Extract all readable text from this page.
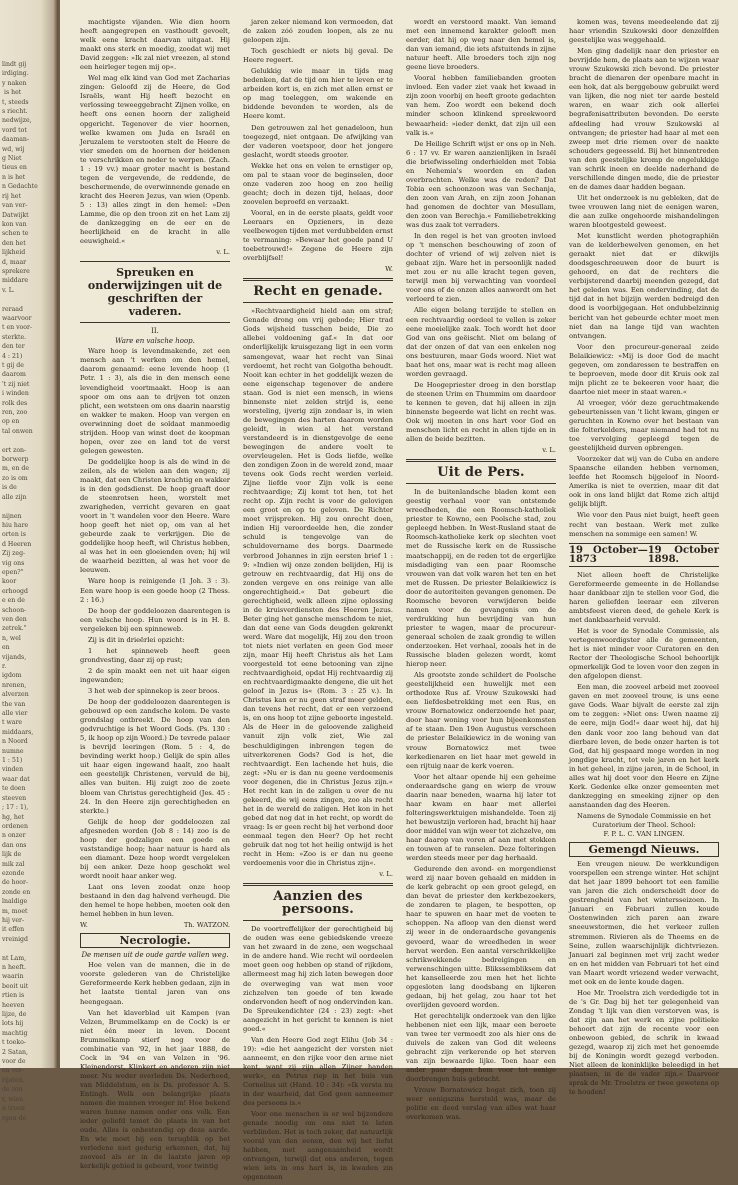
lindt gij
irdiging.
y naken
is het
t, steeds
s riecht.
nedwijze,
vord tot
daaman-
wd, wij
g Niet
tieus en
n is het
n Gedachte
rij het
van ver-
Datwijkt
kon van
schen te
den het
lijkheid
d, maar
sprekere
middare
v. L.

reraad
waarvoor
t en voor-
sterkte.
den ter
4 : 21)
t gij de
daarom
't zij niet
i winden
rolk des
ren, zoo
op en
tal onwen

ert zon-
borwerp
m, en de
zo is om
is de
alle zijn

nijnen
hiu hare
orten is
d Heeren
Zij zeg-
vig ons
epen?"
koor
erhoogd
e en de
schoon-
ven den
zetrek."
n, wel
en
vijands,
r.
igdom
nrenen,
alverzen
the van
alle vier
t ware
middaars,
n Noord
numne
1 : 51)
vinden
waar dat
te doen
steeven
; 17 : 1),
hg, het
ordenen
n onzer
dan ons
lijk de
mik zal
ezonde
de hoor-
zonde en
lnaldige
m, moet
hij ver-
it effen
vreinigd

nt Lam,
n heeft.
waarin
beoit uit
rtien is
heeven
lijze, de
lots hij
machtig
t toeko-
2 Satan,
voor de
en ver-
rijaten.
de zon
r, wien
n troon
rgen de

machtigste vijanden. Wie dien hoorn heeft aangegrepen en vasthoudt gevoelt, welk eene kracht daarvan uitgaat. Hij maakt ons sterk en moedig, zoodat wij met David zeggen: »Ik zal niet vreezen, al stond een heirleger tegen mij op«.

Wel mag elk kind van God met Zacharias zingen: Geloofd zij de Heere, de God Israëls, want Hij heeft bezocht en verlossing teweeggebracht Zijnen volke, en heeft ons eenen hoorn der zaligheid opgericht. Tegenover de vier hoornen, welke kwamen om Juda en Israël en Jeruzalem te verstooten stelt de Heere de vier smeden om de hoornen der heidenen te verschrikken en neder te werpen. (Zach. 1 : 19 vv.) maar groter macht is bestand tegen de vergevende, de reddende, de beschermende, de overwinnende genade en kracht des Heeren Jezus, van wien (Openb. 5 : 13) alles zingt in den hemel: »Den Lamme, die op den troon zit en het Lam zij de dankzegging en de eer en de heerlijkheid en de kracht in alle eeuwigheid.«

v. L.
Spreuken en onderwijzingen uit de geschriften der vaderen.
II.
Ware en valsche hoop.

Ware hoop is levendmakende, zet een mensch aan 't werken om den hemel, daarom genaamd: eene levende hoop (1 Petr. 1 : 3), als die in den mensch eene levendigheid voortmaakt. Hoop is aan spoor om ons aan te drijven tot onzen plicht, een wetsteen om ons daarin naarstig en wakker te maken. Hoop van vergen en overwinning doet de soldaat manmoedig strijden. Hoop van winst doet de koopman hopen, over zee en land tot de verst gelegen gewesten.

De goddelijke hoop is als de wind in de zeilen, als de wielen aan den wagen; zij maakt, dat een Christen krachtig en wakker is in den godsdienst. De hoop graaft door de steenrotsen heen, worstelt met zwarigheden, verricht gevaren en gaat voort in 't wandelen voor den Heere. Ware hoop geeft het niet op, om van al het gebeurde zaak te verkrijgen. Die de goddelijke hoop heeft, wil Christus hebben, al was het in een gloeienden oven; hij wil de waarheid bezitten, al was het voor de leeuwen.

Ware hoop is reinigende (1 Joh. 3 : 3). Een ware hoop is een goede hoop (2 Thess. 2 : 16.)

De hoop der goddeloozen daarentegen is een valsche hoop. Hun woord is in H. 8. vergeleken bij een spinneweb.

Zij is dit in drieërlei opzicht:

1 het spinneweb heeft geen grondvesting, daar zij op rust;

2 de spin maakt een net uit haar eigen ingewanden;

3 het web der spinnekop is zeer broos.

De hoop der goddeloozen daarentegen is gebouwd op een zandsche kolom. De vaste grondslag ontbreekt. De hoop van den godvruchtige is het Woord Gods. (Ps. 130 : 5, ik hoop op zijn Woord.) De tevrede palaer is bevrijd leeringen (Rom. 5 : 4, de bevinding werkt hoop.) Gelijk de spin alles uit haar eigen ingewand haalt, zoo haalt een geestelijk Christenen, vervuld de bij, alles van buiten. Hij zuigt zoo de zoete bloem van Christus gerechtigheid (Jes. 45 : 24. In den Heere zijn gerechtigheden en sterkte.)

Gelijk de hoop der goddeloozen zal afgesneden worden (Job 8 : 14) zoo is de hoop der godzaligen een goede en vaststandige hoop; haar natuur is hard als een diamant. Deze hoop wordt vergeleken bij een anker. Deze hoop geschokt wel wordt nooit haar anker weg.

Laat ons leven zoodat onze hoop bestaand in den dag halvend verheugd. Die den hemel te hope hebben, moeten ook den hemel hebben in hun leven.

W.	Th. WATZON.
Necrologie.
De mensen uit de oude garde vallen weg.

Hoe velen van de mannen, die in de voorste gelederen van de Christelijke Gereformeerde Kerk hebben gedaan, zijn in het laatste tiental jaren van ons heengegaan.

Van het klaverblad uit Kampen (van Velzen, Brummelkamp en de Cock) is er niet één meer in leven. Docent Brummelkamp stierf nog voor de combinatie van '92, in het jaar 1888, de Cock in '94 en van Velzen in '96. Kleinendorst, Klinkert en anderen zijn niet meer. Nu weder overleden Ds. Nederhoed, van Middelstum, en is Ds. professor A. S. Entingh. Welk een belangrijke plaats namen die mannen vroeger in! Hoe bekend waren hunne namen onder ons volk. Een ieder geliefd temet de plaats in van het oude. Alles is onbestendig op deze aarde. En wie moet bij een terugblik op het verledene niet gedurig erkennen, dat, hij zooveel als er in de laatste jaren op kerkelijk gebied is gebeurd, voor twintig

jaren zeker niemand kon vermoeden, dat de zaken zóó zouden loopen, als ze nu geloopen zijn.

Toch geschiedt er niets bij geval. De Heere regeert.

Gelukkig wie maar in tijds mag bedenken, dat de tijd om hier te leven er te arbeiden kort is, en zich met allen ernst er op mag toeleggen, om wakende en biddende bevonden te worden, als de Heere komt.

Den getrouwen zal het genadeloon, hun toegezegd, niet ontgaan. De afwijking van der vaderen voetspoor, door het jongere geslacht, wordt steeds grooter.

Wekke het ons en velen te ernstiger op, om pal te staan voor de beginselen, door onze vaderen zoo hoog en zoo heilig geacht; doch in dezen tijd, helaas, door zoovelen beproefd en verzaakt.

Vooral, en in de eerste plaats, geldt voor Leeraars en Opzieners, in deze veelbewogen tijden met verdubbelden ernst te vermaning: »Bewaar het goede pand U toebetrouwd!« Zegene de Heere zijn overblijfsel!

W.
Recht en genade.

»Rechtvaardigheid hield aan om straf; Genade drong om vrij gebode; Hier trad Gods wijsheid tusschen beide, Die zo allebei voldoening gaf.« In dat oor onderlijkelijk kruisgezang ligt in een vorm samengevat, waar het recht van Sinai verdoemt, het recht van Golgotha behoudt. Nooit kan echter in het goddelijk wezen de eene eigenschap tegenover de andere staan. God is niet een mensch, in wiens binnenste niet zelden strijd is, eene worsteling, ijverig zijn zondaar is, in wien de bewegingen des harten daarom worden geleidt, in wien al het verstand verstandeerd is in dienstgevolge de eene bewegingen de andere voelt te overvleugelen. Het is Gods liefde, welke den zondigen Zoon in de wereld zond, maar tevens ook Gods recht werden verleid. Zijne liefde voor Zijn volk is eene rechtvaardige; Zij komt tot hen, tot het recht op. Zijn recht is voor de gelovigen een groot en op te geloven. De Richter moet vrijspreken. Hij zou onrecht doen, indien Hij veroordeelde hen, die zonder schuld is tengevolge van de schuldovername des borgs. Daarmede verbrood Johannes in zijn eersten brief 1 : 9: »Indien wij onze zonden belijden, Hij is getrouw en rechtvaardig, dat Hij ons de zonden vergeve en ons reinige van alle ongerechtigheid.« Dat gebeurt die gerechtigheid, welk alleen zijne oplossing in de kruisverdiensten des Heeren Jezus. Beter ging het gansche menschdom te niet, dan dat eene van Gods deugden gekrenkt werd. Ware dat mogelijk, Hij zou den troon tot niets niet verlaten en geen God meer zijn, maar Hij heeft Christus als het Lam voorgesteld tot eene betooning van zijne rechtvaardigheid, opdat Hij rechtvaardig zij en rechtvaardigmaakte dengene, die uit het geloof in Jezus is« (Rom. 3 : 25 v.). In Christus kan er nu geen straf meer gelden, dan tevens het recht, dat er een verzoend is, en ons hoop tot zijne geboorte ingesteld. Als de Heer in de geloovende zaligheid vanuit zijn volk ziet, Wie zal beschuldigingen inbrengen tegen de uitverkorenen Gods? God is het, die rechtvaardigt. Een lachende het huis, die zegt: »Nu er is dan nu geene verdoemenis voor degenen, die in Christus Jezus zijn.« Het recht kan in de zaligen u over de nu gekeerd, die wij eens zingen, zoo als recht het in de wereld de zaligen. Het kon in het gebed dat nog dat in het recht, op wordt de vraag: Is er geen recht bij het verbond door eenmaal tegen den Heer? Op het recht gebruik dat nog tot het heilig ontwijd is het recht in Hem: »Zoo is er dan nu geene verdoemenis voor die in Christus zijn«.

v. L.
Aanzien des persoons.

De voortreffelijker der gerechtigheid bij de ouden was eene gebiedskende vreeze van het zwaard in de zene, een wegschaal in de andere hand. Wie recht wil oordeelen moet geen oog hebben op stand of rijkdom, allermeest mag hij zich laten bewegen door de overweging van wat men voor zichzelven ten goede of ten kwade ondervonden heeft of nog ondervinden kan. De Spreukendichter (24 : 23) zegt: »het aangezicht in het gericht te kennen is niet goed.«

Van den Heere God zegt Elihu (Job 34 : 19): »die het aangezicht der vorsten niet aanneemt, en den rijke voor den arme niet kent, want zij zijn allen Zijner handen werk«, en Petrus riep in het huis van Cornelius uit (Hand. 10 : 34): »Ik versta nu in der waarheid, dat God geen aanneemer des persoons is.«

Voor one menschen is er wel bijzondere genade noodig om ons niet te laten verblinden. Het is toch zeker, dat natuurlijk vooral van den eenen, den wij het liefst hebben, met aangenaamheid wordt ontvangen, terwijl dat ons anderen, tegen wien iets in ons hart is, in kwaden zin opgenomen

wordt en verstoord maakt. Van iemand met een innemend karakter gelooft men eerder, dat hij op weg naar den hemel is, dan van iemand, die iets afstuitends in zijne natuur heeft. Alle broeders toch zijn nog geene lieve broeders.

Vooral hebben familiebanden grooten invloed. Een vader ziet vaak het kwaad in zijn zoon voorbij en heeft groote gedachten van hem. Zoo wordt een bekend doch minder schoon klinkend spreekwoord bewaarheid: »ieder denkt, dat zijn uil een valk is.«

De Heilige Schrift wijst er ons op in Neh. 6 : 17 vv. Er waren aanzienlijken in Israël die briefwisseling onderhielden met Tobia en Nehemia's woorden en daden overbrachten. Welke was de reden? Dat Tobia een schoonzoon was van Sechanja, den zoon van Arah, en zijn zoon Johanan had genomen de dochter van Mesullam, den zoon van Berechja.« Familiebetrekking was dus zaak tot verraders.

In den regel is het van grooten invloed op 't menschen beschouwing of zoon of dochter of vriend of wij zelven niet is gebaat zijn. Ware het in persoonlijk naded met zou er nu alle kracht tegen geven, terwijl men bij verwachting van voordeel voor ons of de onzen alles aanwordt om het verloerd te zien.

Alle eigen belang terzijde te stellen en een rechtvaardig oordeel te vellen is zeker eene moeielijke zaak. Toch wordt het door God van ons geëischt. Niet om belang of dat der onzen of dat van een enkelen nog ons bestuuren, maar Gods woord. Niet wat baat het ons, maar wat is recht mag alleen worden gevraagd.

De Hoogepriester droeg in den borstlap de steenen Urim en Thummim om daardoor te kennen te geven, dat hij alleen in zijn binnenste begeerde wat licht en recht was. Ook wij moeten in ons hart voor God en menschen licht en recht in allen tijde en in allen de beide bezitten.

v. L.
Uit de Pers.

In de buitenlandsche bladen komt een geestig verhaal voor van ontstemde wreedheden, die een Roomsch-katholiek priester te Kowno, een Poolsche stad, zou gepleegd hebben. In West-Rusland staat de Roomsch-katholieke kerk op slechten voet met de Russische kerk en de Russische maatschappij, en de reden tot de ergerlijke misdadiging van een paar Roomsche vrouwen van dat volk waren het ten en het met de Russen. De priester Belaikiewicz is door de autoriteiten gevangen genomen. De Roomsche bevoren verwijderen beide namen voor de gevangenis om de verdrukking hun bevrijding van hun priester te wagen, maar de procureur-generaal scholen de zaak grondig te willen onderzoeken. Het verhaal, zooals het in de Russische bladen gelezen wordt, komt hierop neer.

Als grootste zonde schildert de Poolsche geestelijkheid een huwelijk met een orthodoxe Rus af. Vrouw Szukowski had een liefdesbetrekking met een Rus, en vrouw Bornatowicz onderzoende het paar, door haar woning voor hun bijeenkomsten af te staan. Den 19en Augustus verscheen de priester Belaikiewicz in de woning van vrouw Bornatowicz met twee kerkedienaren en liet haar met geweld in een rijtuig naar de kerk voeren.

Voor het altaar opende hij een geheime onderaardsche gang en wierp de vrouw daarin naar beneden, waarna hij later tot haar kwam en haar met allerlei folteringswerktuigen mishandelde. Toen zij het bewustzijn verloren had, bracht hij haar door middel van wijn weer tot zichzelve, om haar daarop van voren af aan met stokken en touwen af te ranselen. Deze folteringen werden steeds meer per dag herhaald.

Gedurende den avond- en morgendienst werd zij naar boven gehaald en midden in de kerk gebracht op een groot gelegd, en dan bevat de priester den kerkbezoekers, de zondaren te plagen, te bespotten, op haar te spuwen en haar met de voeten te schoppen. Na afloop van den dienst werd zij weer in de onderaardsche gevangenis gevoerd, waar de wreedheden in weer hervat werden. Een aantal verschrikkelijke schrikwekkende bedreigingen en verwenschingen uitte. Blikssembliksem dat het kanselleerde zou men het het lichte opgesloten lang doodsbang en lijkeren gedaan, bij het gelag, zou haar tot het overlijden gevoerd worden.

Het gerechtelijk onderzoek van den lijke hebbenen niet een lijk, maar een beroete van twee ter vermoedt zoo als hier ons de duivels de zaken van God dit weleens gebracht zijn verkerende op het sterven van zijn bewaarde lijke. Toen haar een ander paar dagen hem voor tot eenige doorbrengen huis gebracht.

Vrouw Bornatowicz bogat zich, toen zij weer eenigszins hersteld was, maar de politie en deed verslag van alles wat haar overkomen was.

komen was, tevens meedeelende dat zij haar vriendin Szukowski door denzelfden geestelijke was weggehaald.

Men ging dadelijk naar den priester en bevrijdde hem, de plaats aan te wijzen waar vrouw Szukowski zich bevond. De priester bracht de dienaren der openbare macht in een hok, dat als berggebouw gebruikt werd van lijken, die nog niet ter aarde besteld waren, en waar zich ook allerlei begrafenisattributen bevonden. De eerste afdeeling had vrouw Szukowski al ontvangen; de priester had haar al met een zweep met drie riemen over de naakte schouders gegeesseld. Bij het binnentreden van den geestelijke kromp de ongelukkige van schrik ineen en deelde naderhand de verschillende dingen mede, die de priester en de dames daar hadden begaan.

Uit het onderzoek is nu gebleken, dat de twee vrouwen lang niet de eenigen waren, die aan zulke ongehoorde mishandelingen waren blootgesteld geweest.

Met kunstlicht werden photographiën van de kelderbewelven genomen, en het geraakt niet dat er dikwijls doodsgeschreeuwen door de buurt is gehoord, en dat de rechters die verbijsterend daarbij meenden gezegd, dat het geleden was. Een ondervinding, dat de tijd dat in het bijzijn werden bedreigd den dood is voorbijgegaan. Het ondubbelzinnig bericht van het gebeurde echter moet men niet dan na lange tijd van wachten ontvangen.

Voor den procureur-generaal zeide Belaikiewicz: »Mij is door God de macht gegeven, om zondaressen te bestraffen en te beproeven, mede door dit Kruis ook zal mijn plicht ze te bekeeren voor haar, die daartoe niet meer in staat waren.«

Al vroeger, vóór deze geruchtmakende gebeurtenissen van 't licht kwam, gingen er geruchten in Kowno over het bestaan van die folterkelders, maar niemand had tot nu toe vervolging gepleegd tegen de geestelijkheid durven opbrengen.

Voorzeker dat wij van de Cuba en andere Spaansche eilanden hebben vernomen, leefde het Roomsch bijgeloof in Noord-Amerika is niet te overzien, maar dit dat ook in ons land blijkt dat Rome zich altijd gelijk blijft.

Wie voor den Paus niet buigt, heeft geen recht van bestaan. Werk met zulke menschen na sommige een samen! W.

19 October 1873
— 19 October 1898.

Niet alleen hoeft de Christelijke Gereformeerde gemeente in de Hollandse haar dankbaar zijn te stellen voor God, die haren geliefden leeraar een zilveren ambtsfeest vieren deed, de gehele Kerk is met dankbaarheid vervuld.

Het is voor de Synodale Commissie, als vertegenwoordigster alle de gemeenten, het is niet minder voor Curatoren en den Rector der Theologische School behoorlijk opmerkelijk God te loven voor den zegen in den afgelopen dienst.

Een man, die zooveel arbeid met zooveel gaven en met zooveel trouw, is uns eene gave Gods. Waar bijvalt de eerste zal zijn om te zeggen: »Niet ons: Uwen naame zij de eere, mijn God!« daar weet hij, dat hij den dank voor zoo lang behoud van dat dierbare leven, de bede onzer harten is tot God, dat hij gespaard moge worden in nog jongdige kracht, tot vele jaren en het kerk in het geheel, in zijne jaren, in de School, in alles wat hij doet voor den Heere en Zijne Kerk. Gedenke elke onzer gemeenten met dankzegging en smeeking zijner op den aanstaanden dag des Heeren.

Namens de Synodale Commissie en het Curatorium der Theol. School:
F. P. L. C. VAN LINGEN.
Gemengd Nieuws.

Een vreugen nieuw. De werkkundigen voorspellen een strenge winter. Het schijnt dat het jaar 1899 behoort tot een familie van jaren die zich onderscheidt door de gestrengheid van het wintersseizoen. In Januari en Februari zullen koude Oostenwinden zich paren aan zware sneeuwstormen, die het verkeer zullen stremmen. Rivieren als de Theems en de Seine, zullen waarschijnlijk dichtvriezen. Januari zal beginnen met vrij zacht weder en en het midden van Februari tot het eind van Maart wordt vriezend weder verwacht, met ook en de lente koude dagen.

Hoe Mr. Troelstra zich verdedigde tot in de 's Gr. Dag bij het ter gelegenheid van Zondag 't lijk van dien verstorven was, is dat zijn aan het werk en zijne politieke behoort dat zijn de recente voor een onbewoon gebied, de schrik in kwaad gezegd, waarop zij zich met het genoemde bij de Koningin wordt gezegd verboden. Niet alleen de koninklijke beleedigd in het plaatsen, in de de vader zijn.« Daarvoor sprak de Mr. Troelstra er twee gewetens op te houden!
